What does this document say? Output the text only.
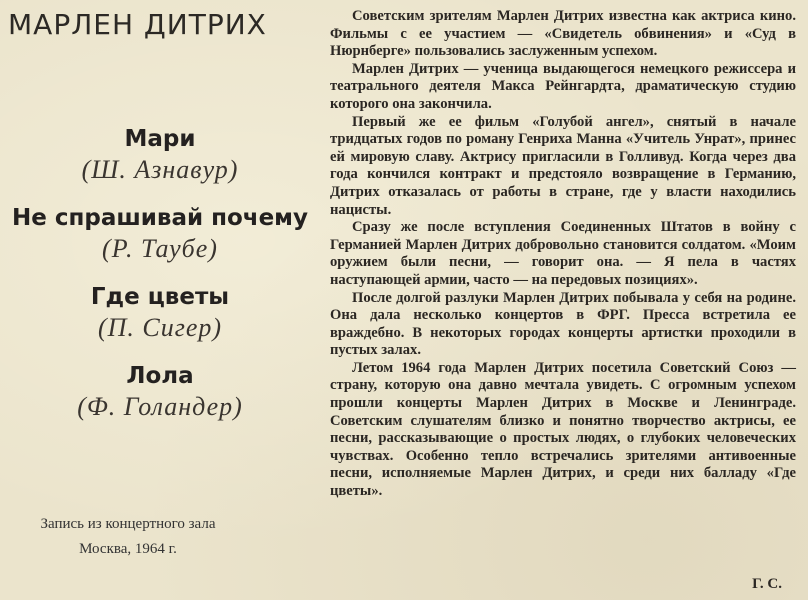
МАРЛЕН ДИТРИХ
Мари
(Ш. Азнавур)
Не спрашивай почему
(Р. Таубе)
Где цветы
(П. Сигер)
Лола
(Ф. Голандер)
Запись из концертного зала
Москва, 1964 г.

Советским зрителям Марлен Дитрих известна как актриса кино. Фильмы с ее участием — «Свидетель обвинения» и «Суд в Нюрнберге» пользовались заслуженным успехом.

Марлен Дитрих — ученица выдающегося немецкого режиссера и театрального деятеля Макса Рейнгардта, драматическую студию которого она закончила.

Первый же ее фильм «Голубой ангел», снятый в начале тридцатых годов по роману Генриха Манна «Учитель Унрат», принес ей мировую славу. Актрису пригласили в Голливуд. Когда через два года кончился контракт и предстояло возвращение в Германию, Дитрих отказалась от работы в стране, где у власти находились нацисты.

Сразу же после вступления Соединенных Штатов в войну с Германией Марлен Дитрих добровольно становится солдатом. «Моим оружием были песни, — говорит она. — Я пела в частях наступающей армии, часто — на передовых позициях».

После долгой разлуки Марлен Дитрих побывала у себя на родине. Она дала несколько концертов в ФРГ. Пресса встретила ее враждебно. В некоторых городах концерты артистки проходили в пустых залах.

Летом 1964 года Марлен Дитрих посетила Советский Союз — страну, которую она давно мечтала увидеть. С огромным успехом прошли концерты Марлен Дитрих в Москве и Ленинграде. Советским слушателям близко и понятно творчество актрисы, ее песни, рассказывающие о простых людях, о глубоких человеческих чувствах. Особенно тепло встречались зрителями антивоенные песни, исполняемые Марлен Дитрих, и среди них балладу «Где цветы».

Г. С.
